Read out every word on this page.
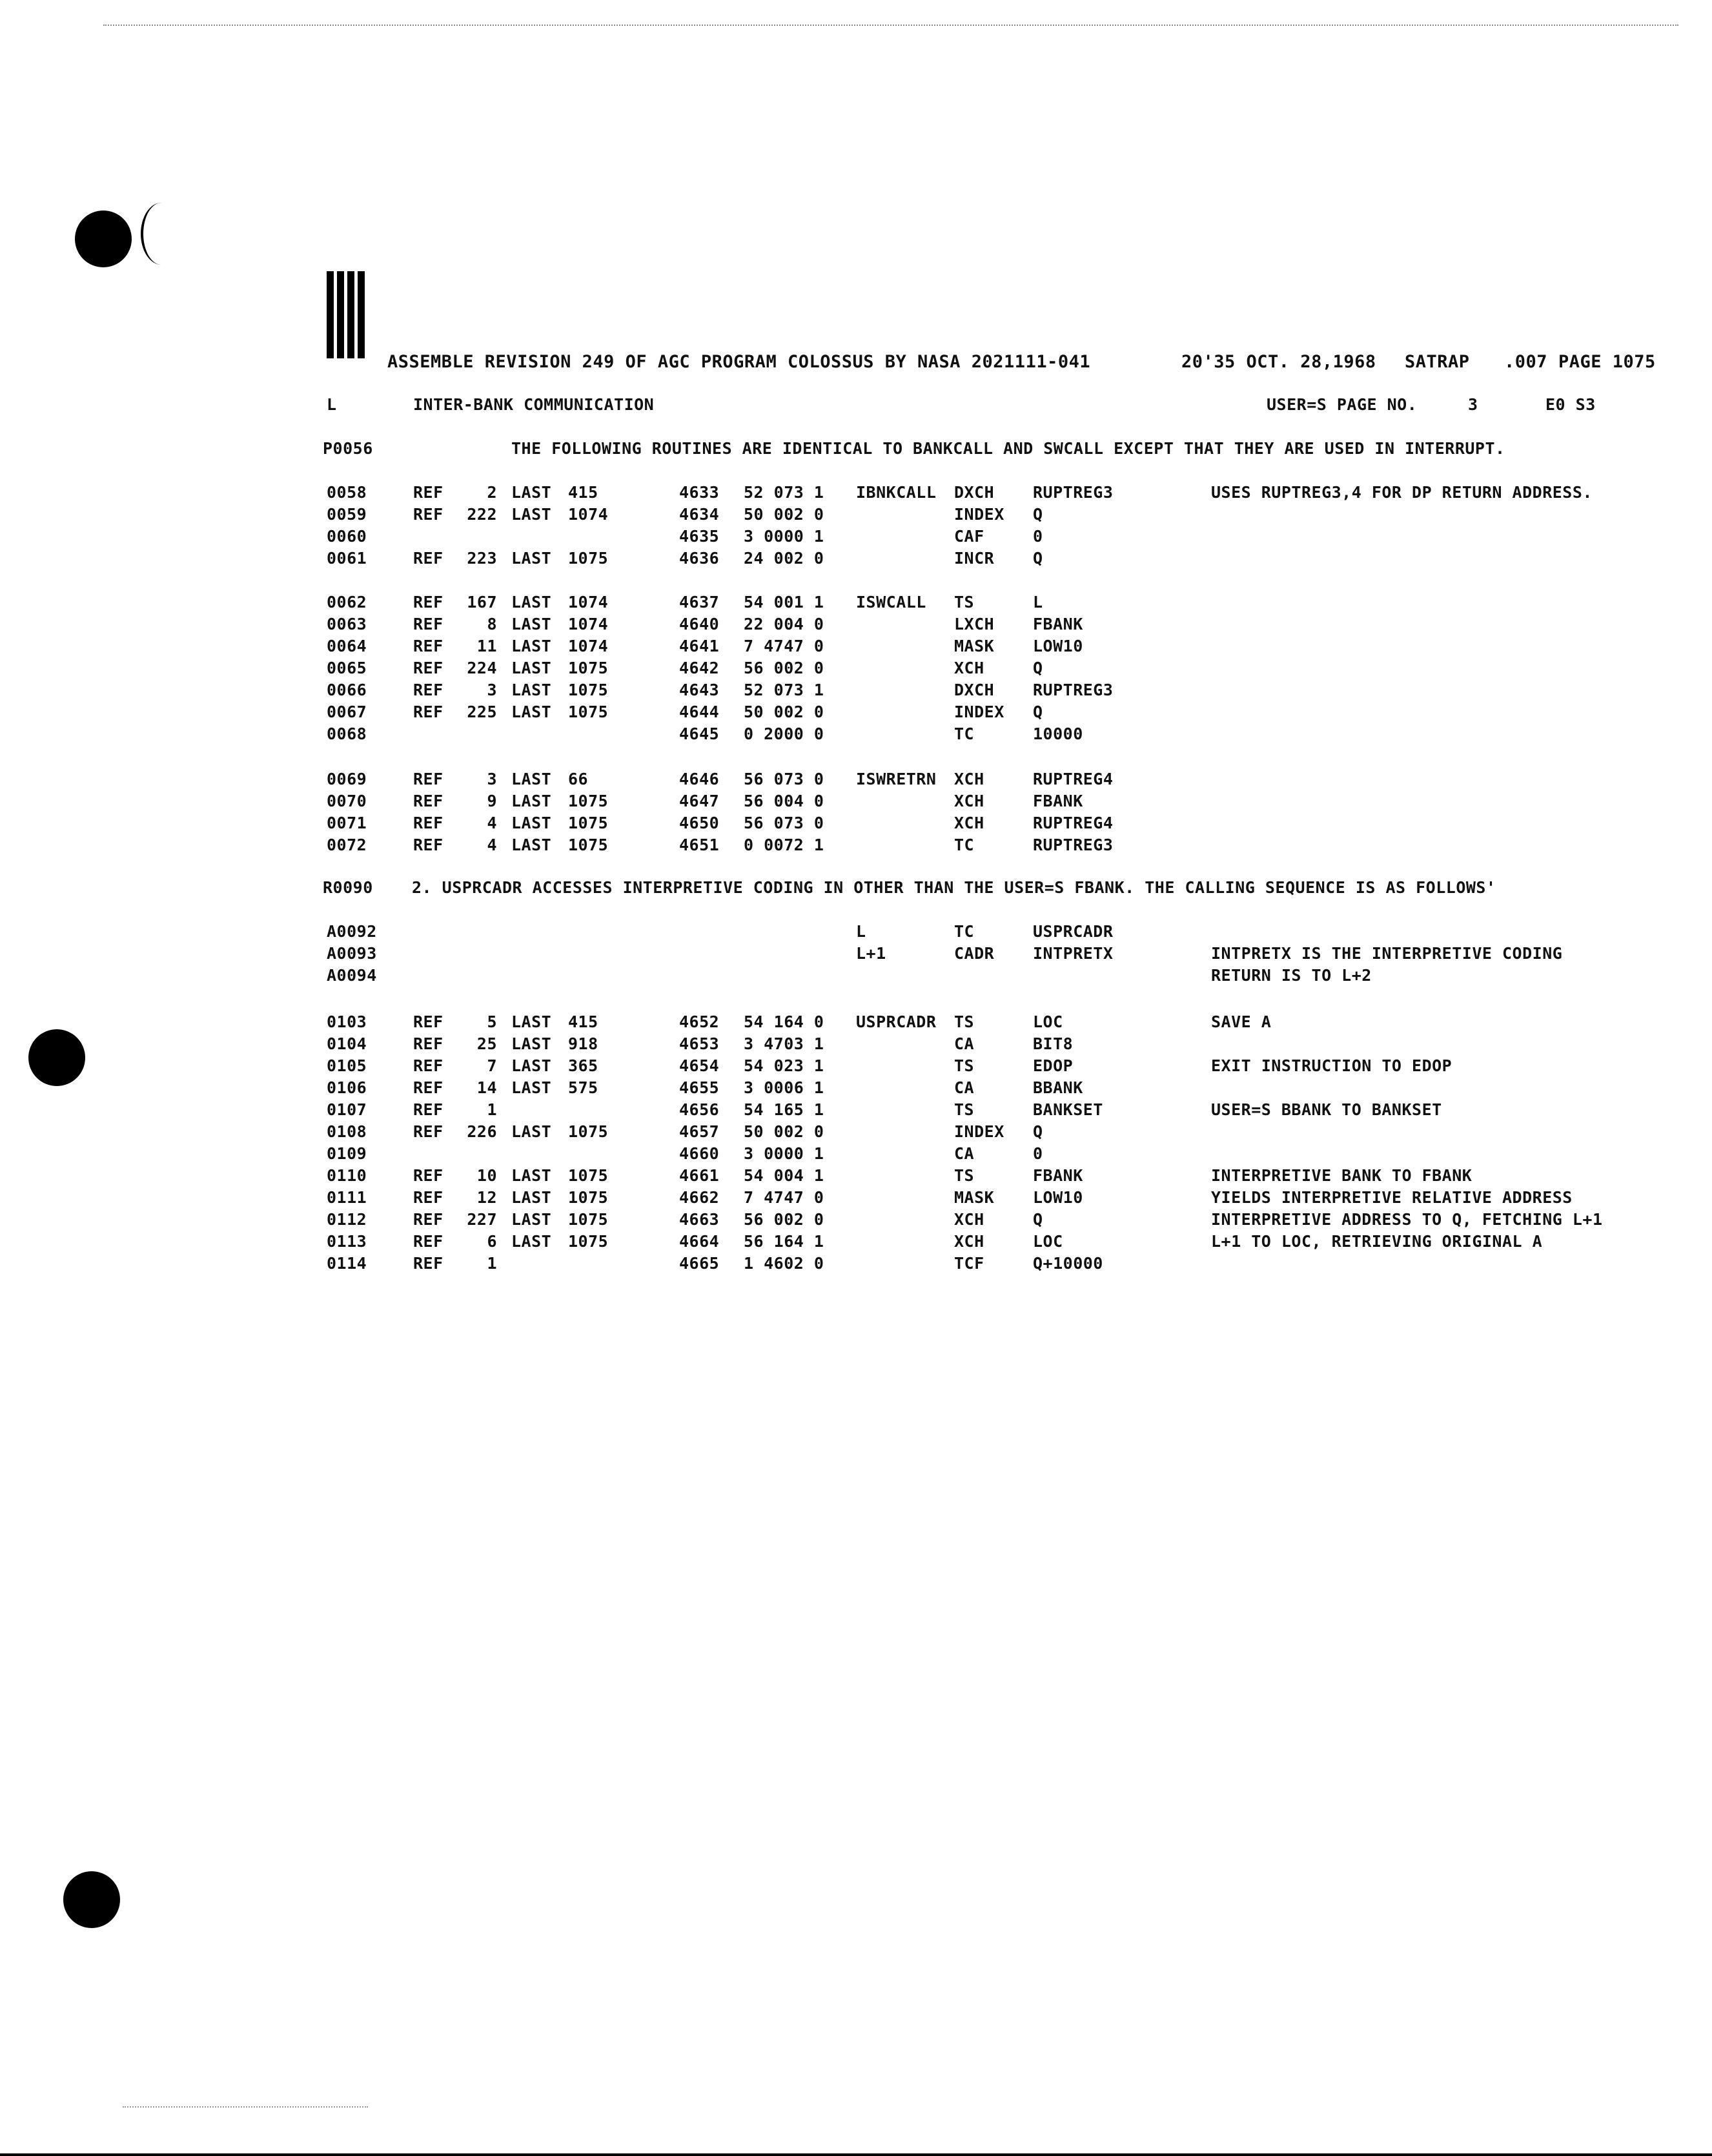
ASSEMBLE REVISION 249 OF AGC PROGRAM COLOSSUS BY NASA 2021111-041	20'35 OCT. 28,1968 SATRAP .007 PAGE 1075
L	INTER-BANK COMMUNICATION	USER=S PAGE NO.	3	E0 S3
P0056	THE FOLLOWING ROUTINES ARE IDENTICAL TO BANKCALL AND SWCALL EXCEPT THAT THEY ARE USED IN INTERRUPT.
R0090 2. USPRCADR ACCESSES INTERPRETIVE CODING IN OTHER THAN THE USER=S FBANK. THE CALLING SEQUENCE IS AS FOLLOWS'
0058	REF	2 LAST 415	4633 52 073 1 IBNKCALL DXCH RUPTREG3	USES RUPTREG3,4 FOR DP RETURN ADDRESS.
0059	REF 222 LAST 1074	4634 50 002 0	INDEX Q
0060	4635 3 0000 1	CAF	0
0061	REF 223 LAST 1075	4636 24 002 0	INCR Q
0062	REF 167 LAST 1074	4637 54 001 1 ISWCALL TS	L
0063	REF	8 LAST 1074	4640 22 004 0	LXCH FBANK
0064	REF 11 LAST 1074	4641 7 4747 0	MASK LOW10
0065	REF 224 LAST 1075	4642 56 002 0	XCH	Q
0066	REF	3 LAST 1075	4643 52 073 1	DXCH RUPTREG3
0067	REF 225 LAST 1075	4644 50 002 0	INDEX Q
0068	4645 0 2000 0	TC	10000
0069	REF	3 LAST 66	4646 56 073 0 ISWRETRN XCH	RUPTREG4
0070	REF	9 LAST 1075	4647 56 004 0	XCH	FBANK
0071	REF	4 LAST 1075	4650 56 073 0	XCH	RUPTREG4
0072	REF	4 LAST 1075	4651 0 0072 1	TC	RUPTREG3
A0092	L	TC	USPRCADR
A0093	L+1	CADR INTPRETX	INTPRETX IS THE INTERPRETIVE CODING
A0094	RETURN IS TO L+2
0103	REF	5 LAST 415	4652 54 164 0 USPRCADR TS	LOC	SAVE A
0104	REF 25 LAST 918	4653 3 4703 1	CA	BIT8
0105	REF	7 LAST 365	4654 54 023 1	TS	EDOP	EXIT INSTRUCTION TO EDOP
0106	REF 14 LAST 575	4655 3 0006 1	CA	BBANK
0107	REF	1	4656 54 165 1	TS	BANKSET	USER=S BBANK TO BANKSET
0108	REF 226 LAST 1075	4657 50 002 0	INDEX Q
0109	4660 3 0000 1	CA	0
0110	REF 10 LAST 1075	4661 54 004 1	TS	FBANK	INTERPRETIVE BANK TO FBANK
0111	REF 12 LAST 1075	4662 7 4747 0	MASK LOW10	YIELDS INTERPRETIVE RELATIVE ADDRESS
0112	REF 227 LAST 1075	4663 56 002 0	XCH	Q	INTERPRETIVE ADDRESS TO Q, FETCHING L+1
0113	REF	6 LAST 1075	4664 56 164 1	XCH	LOC	L+1 TO LOC, RETRIEVING ORIGINAL A
0114	REF	1	4665 1 4602 0	TCF	Q+10000
